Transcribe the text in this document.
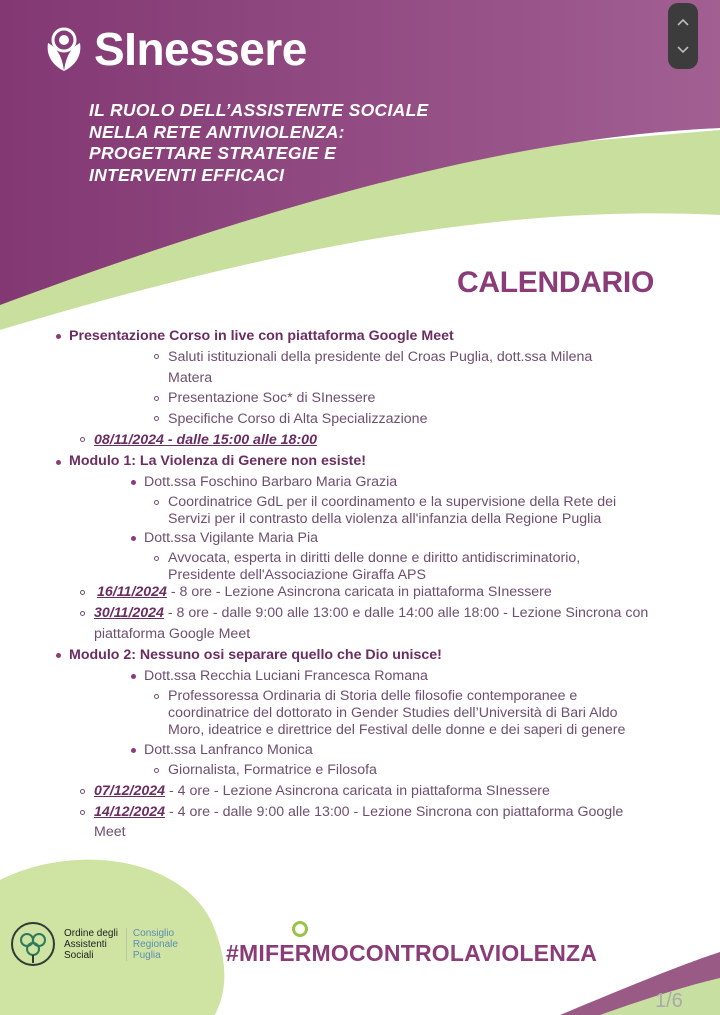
SInessere
IL RUOLO DELL’ASSISTENTE SOCIALE
NELLA RETE ANTIVIOLENZA:
PROGETTARE STRATEGIE E
INTERVENTI EFFICACI
CALENDARIO
Presentazione Corso in live con piattaforma Google Meet
Saluti istituzionali della presidente del Croas Puglia, dott.ssa Milena
Matera
Presentazione Soc* di SInessere
Specifiche Corso di Alta Specializzazione
08/11/2024 - dalle 15:00 alle 18:00
Modulo 1: La Violenza di Genere non esiste!
Dott.ssa Foschino Barbaro Maria Grazia
Coordinatrice GdL per il coordinamento e la supervisione della Rete dei
Servizi per il contrasto della violenza all'infanzia della Regione Puglia
Dott.ssa Vigilante Maria Pia
Avvocata, esperta in diritti delle donne e diritto antidiscriminatorio,
Presidente dell'Associazione Giraffa APS
16/11/2024 - 8 ore - Lezione Asincrona caricata in piattaforma SInessere
30/11/2024 - 8 ore - dalle 9:00 alle 13:00 e dalle 14:00 alle 18:00 - Lezione Sincrona con
piattaforma Google Meet
Modulo 2: Nessuno osi separare quello che Dio unisce!
Dott.ssa Recchia Luciani Francesca Romana
Professoressa Ordinaria di Storia delle filosofie contemporanee e
coordinatrice del dottorato in Gender Studies dell’Università di Bari Aldo
Moro, ideatrice e direttrice del Festival delle donne e dei saperi di genere
Dott.ssa Lanfranco Monica
Giornalista, Formatrice e Filosofa
07/12/2024 - 4 ore - Lezione Asincrona caricata in piattaforma SInessere
14/12/2024 - 4 ore - dalle 9:00 alle 13:00 - Lezione Sincrona con piattaforma Google
Meet
Ordine degli
Assistenti
Sociali
Consiglio
Regionale
Puglia	#MIFERMOCONTROLAVIOLENZA
1/6
